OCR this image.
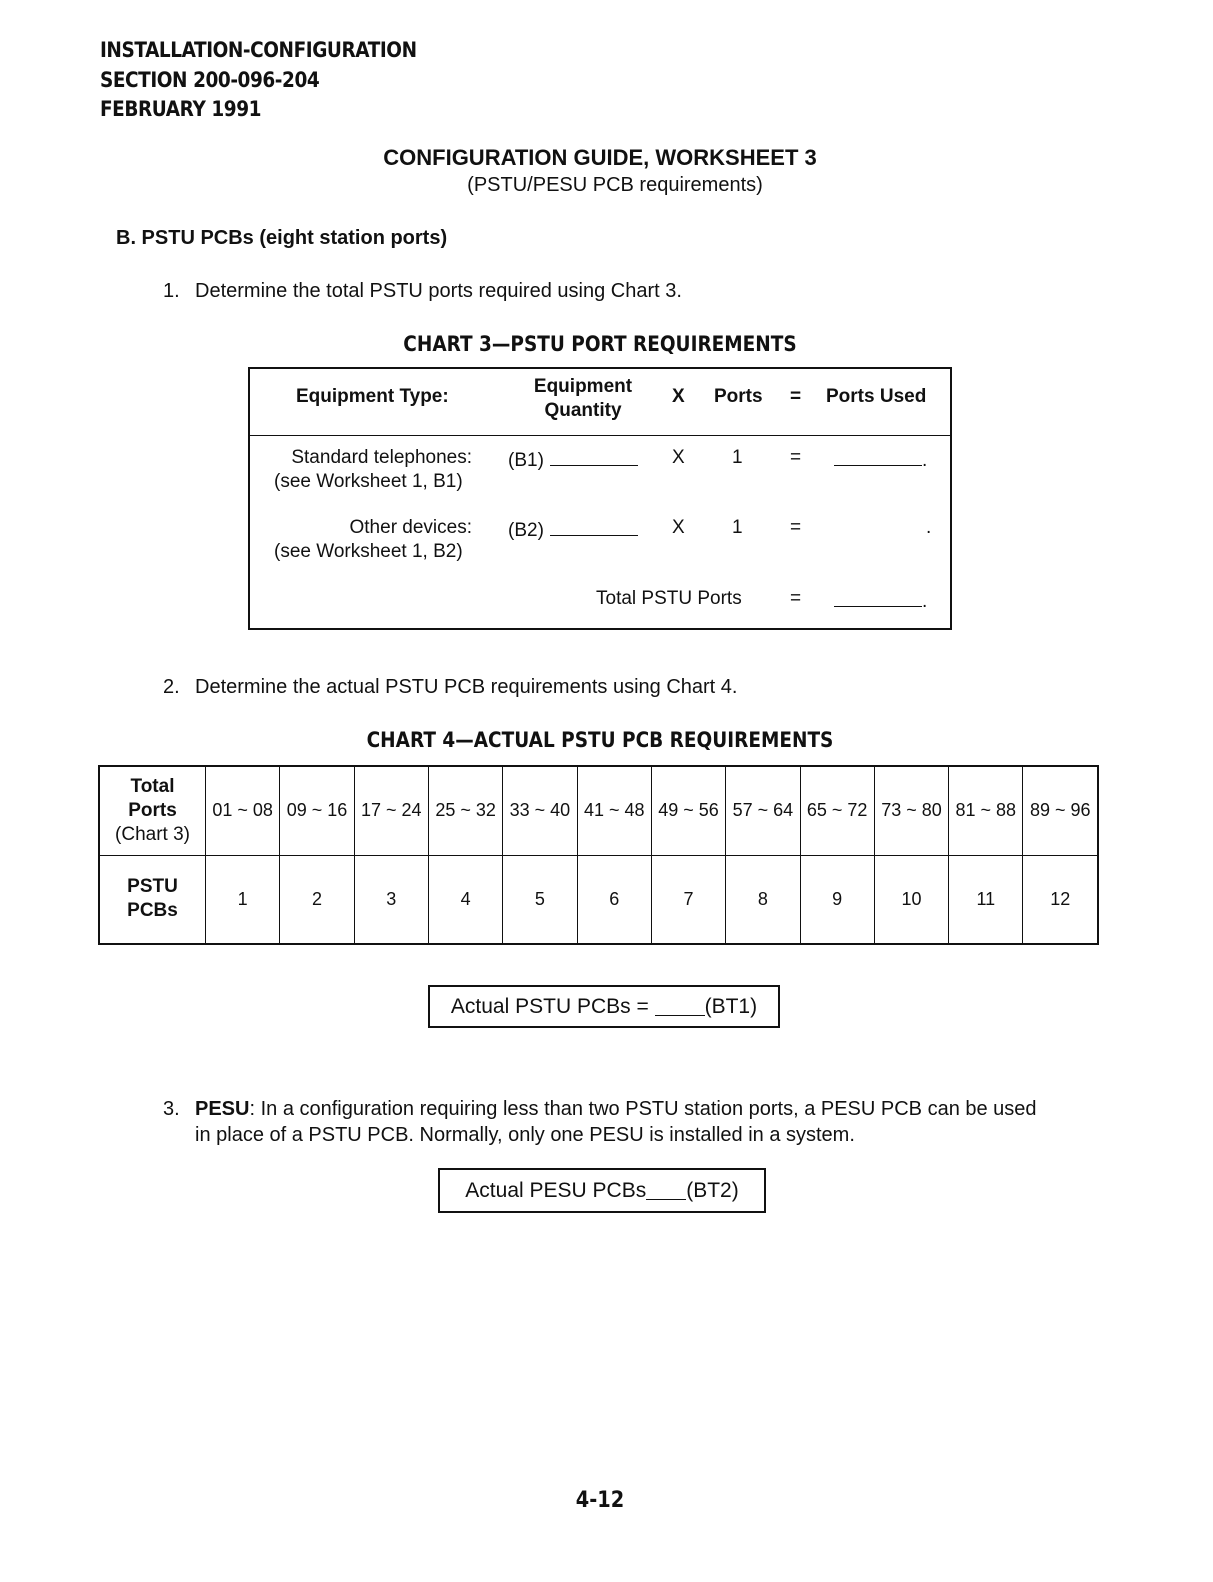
INSTALLATION-CONFIGURATION
SECTION 200-096-204
FEBRUARY 1991
CONFIGURATION GUIDE, WORKSHEET 3
(PSTU/PESU PCB requirements)
B. PSTU PCBs (eight station ports)
1. Determine the total PSTU ports required using Chart 3.
CHART 3—PSTU PORT REQUIREMENTS
Equipment Type:	Equipment
Quantity
X Ports = Ports Used
Standard telephones:
(see Worksheet 1, B1)
(B1)	X 1 =	.
Other devices:
(see Worksheet 1, B2)
(B2)	X 1 =	.
Total PSTU Ports	=	.
2. Determine the actual PSTU PCB requirements using Chart 4.
CHART 4—ACTUAL PSTU PCB REQUIREMENTS
Total
Ports
(Chart 3)	01 ~ 08	09 ~ 16	17 ~ 24	25 ~ 32	33 ~ 40	41 ~ 48	49 ~ 56	57 ~ 64	65 ~ 72	73 ~ 80	81 ~ 88	89 ~ 96

PSTU
PCBs	1	2	3	4	5	6	7	8	9	10	11	12
Actual PSTU PCBs =
	(BT1)
3. PESU: In a configuration requiring less than two PSTU station ports, a PESU PCB can be used
in place of a PSTU PCB. Normally, only one PESU is installed in a system.
Actual PESU PCBs (BT2)
4-12
